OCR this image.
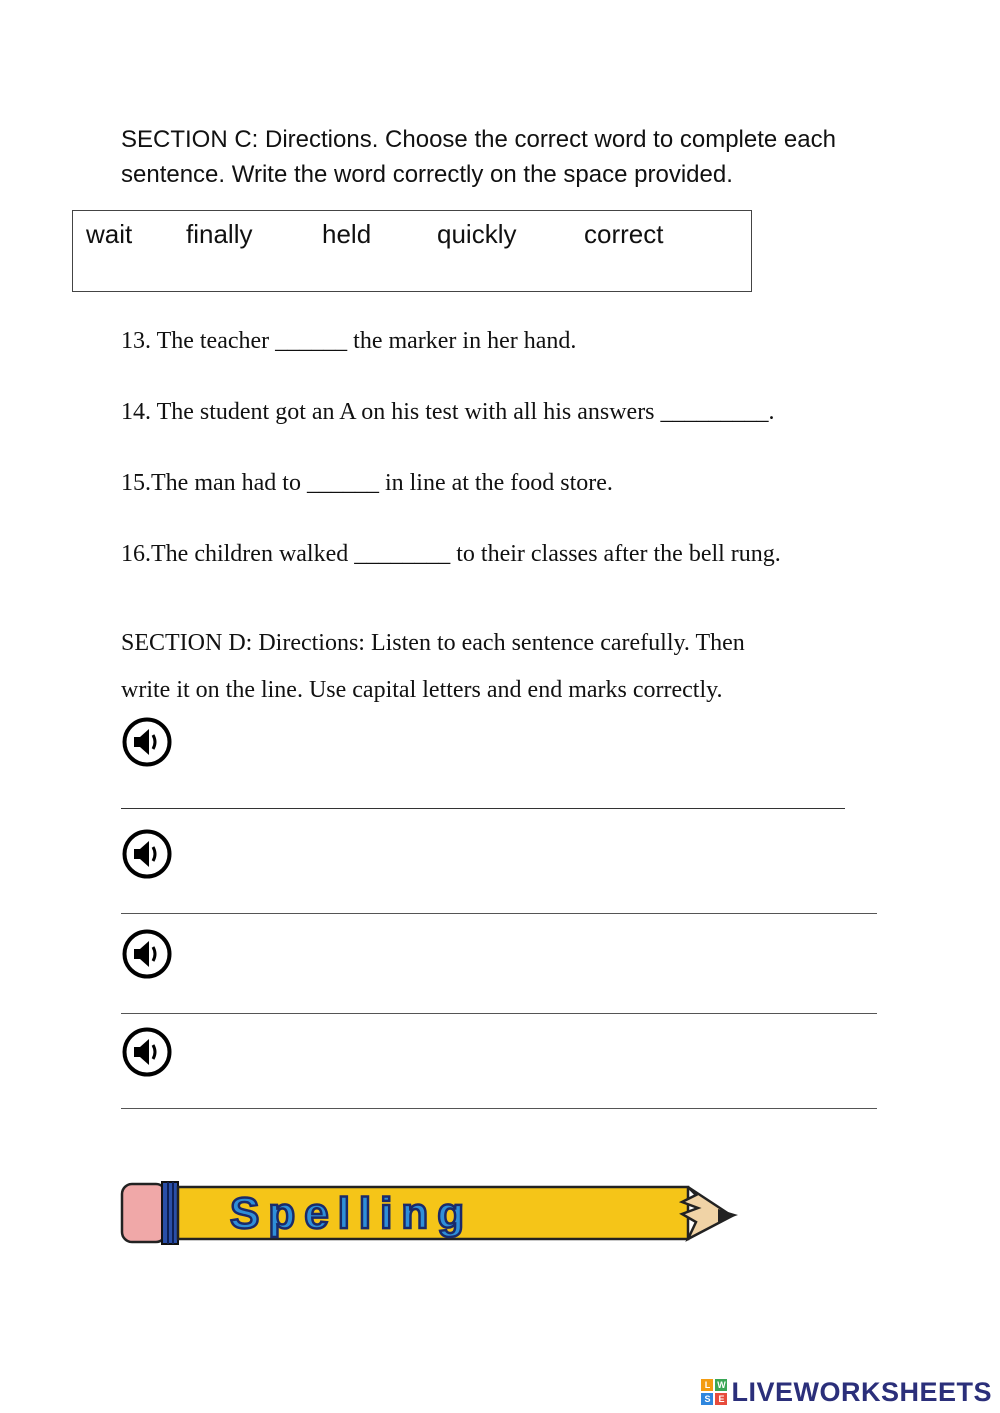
SECTION C: Directions. Choose the correct word to complete each sentence. Write the word correctly on the space provided.
wait finally	held	quickly	correct
13. The teacher ______ the marker in her hand.
14. The student got an A on his test with all his answers _________.
15.The man had to ______ in line at the food store.
16.The children walked ________ to their classes after the bell rung.
SECTION D: Directions: Listen to each sentence carefully. Then
write it on the line. Use capital letters and end marks correctly.
Spelling
L W
S E LIVEWORKSHEETS
